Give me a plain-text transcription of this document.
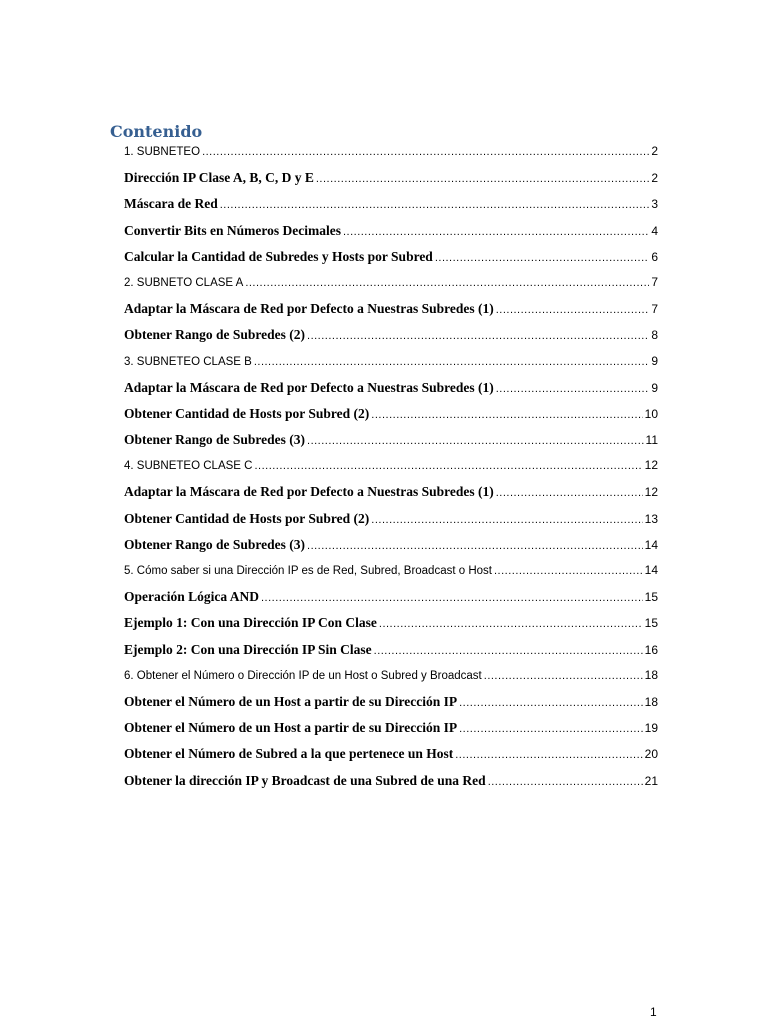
Contenido
1. SUBNETEO .....	2
Dirección IP Clase A, B, C, D y E .....	2
Máscara de Red .....	3
Convertir Bits en Números Decimales .....	4
Calcular la Cantidad de Subredes y Hosts por Subred .....	6
2. SUBNETO CLASE A .....	7
Adaptar la Máscara de Red por Defecto a Nuestras Subredes (1) .....	7
Obtener Rango de Subredes (2) .....	8
3. SUBNETEO CLASE B .....	9
Adaptar la Máscara de Red por Defecto a Nuestras Subredes (1) .....	9
Obtener Cantidad de Hosts por Subred (2) .....	10
Obtener Rango de Subredes (3) .....	11
4. SUBNETEO CLASE C .....	12
Adaptar la Máscara de Red por Defecto a Nuestras Subredes (1) .....	12
Obtener Cantidad de Hosts por Subred (2) .....	13
Obtener Rango de Subredes (3) .....	14
5. Cómo saber si una Dirección IP es de Red, Subred, Broadcast o Host .....	14
Operación Lógica AND .....	15
Ejemplo 1: Con una Dirección IP Con Clase .....	15
Ejemplo 2: Con una Dirección IP Sin Clase .....	16
6. Obtener el Número o Dirección IP de un Host o Subred y Broadcast .....	18
Obtener el Número de un Host a partir de su Dirección IP .....	18
Obtener el Número de un Host a partir de su Dirección IP .....	19
Obtener el Número de Subred a la que pertenece un Host .....	20
Obtener la dirección IP y Broadcast de una Subred de una Red .....	21
1
